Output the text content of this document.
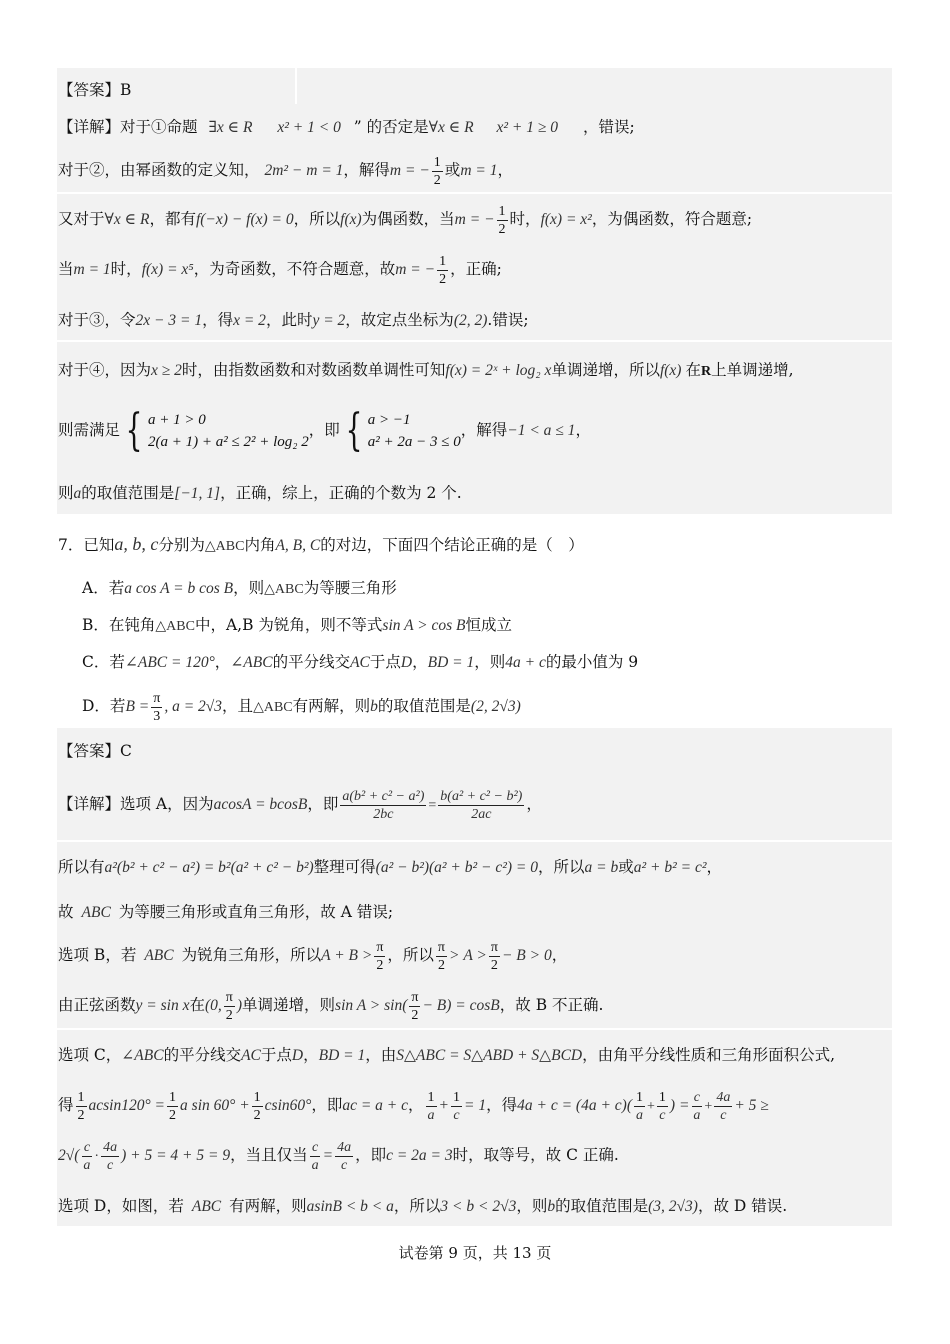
【答案】B
【详解】对于①命题 ∃x ∈ R x² + 1 < 0 ” 的否定是∀x ∈ R x² + 1 ≥ 0 ，错误;
对于②，由幂函数的定义知， 2m² − m = 1，解得m = − $\frac{1}{2}$ 或m = 1，
又对于∀x ∈ R，都有f(−x) − f(x) = 0，所以f(x)为偶函数，当m = − $\frac{1}{2}$ 时，f(x) = x²，为偶函数，符合题意;
当m = 1时，f(x) = x⁵，为奇函数，不符合题意，故m = − $\frac{1}{2}$ ，正确;
对于③，令2x − 3 = 1，得x = 2，此时y = 2，故定点坐标为(2, 2).错误;
对于④，因为x ≥ 2时，由指数函数和对数函数单调性可知f(x) = 2ˣ + log₂ x单调递增，所以f(x) 在R上单调递增,
则需满足 { a + 1 > 0
2(a + 1) + a² ≤ 2² + log₂ 2
，即 { a > −1
a² + 2a − 3 ≤ 0
，解得−1 < a ≤ 1，
则a的取值范围是[−1, 1]，正确，综上，正确的个数为 2 个.
7．已知a, b, c分别为△ABC内角A, B, C的对边，下面四个结论正确的是（　）
A．若a cos A = b cos B，则△ABC为等腰三角形
B．在钝角△ABC中，A,B 为锐角，则不等式sin A > cos B恒成立
C．若∠ABC = 120°，∠ABC的平分线交AC于点D，BD = 1，则4a + c的最小值为 9
D．若$B = \frac{\pi}{3}$ , a = 2√3，且△ABC有两解，则b的取值范围是(2, 2√3)
【答案】C
【详解】选项 A，因为acosA = bcosB，即 $\frac{\text{a(b² + c² − a²)}}{2bc} = \frac{\text{b(a² + c² − b²)}}{2ac}$ ，
所以有a²(b² + c² − a²) = b²(a² + c² − b²)整理可得(a² − b²)(a² + b² − c²) = 0，所以a = b或a² + b² = c²，
故 ABC 为等腰三角形或直角三角形，故 A 错误;
选项 B，若 ABC 为锐角三角形，所以$A + B > \frac{\pi}{2}$ ，所以 $\frac{\pi}{2} > A > \frac{\pi}{2} - B > 0$，
由正弦函数y = sin x在(0, $\frac{\pi}{2}$ )单调递增，则$\sin A > \sin( \frac{\pi}{2} - B) = \cos B$，故 B 不正确.
选项 C，∠ABC的平分线交AC于点D，BD = 1，由S△ABC = S△ABD + S△BCD，由角平分线性质和三角形面积公式,
得 $\frac{1}{2} acsin120^\circ = \frac{1}{2}$ a $\sin 60^\circ + \frac{1}{2} csin60^\circ$，即ac = a + c， $\frac{1}{a} + \frac{1}{c} = 1$，得$4a + c = (4a + c)( \frac{1}{a} + \frac{1}{c}$ ) = $\frac{c}{a} + \frac{4a}{c} + 5$ ≥
$2√( \frac{c}{a} \cdot \frac{4a}{c}$ ) + 5 = 4 + 5 = 9，当且仅当 $\frac{c}{a} = \frac{4a}{c}$ ，即c = 2a = 3时，取等号，故 C 正确.
选项 D，如图，若 ABC 有两解，则asinB < b < a，所以3 < b < 2√3，则b的取值范围是(3, 2√3)，故 D 错误.
试卷第 9 页，共 13 页
